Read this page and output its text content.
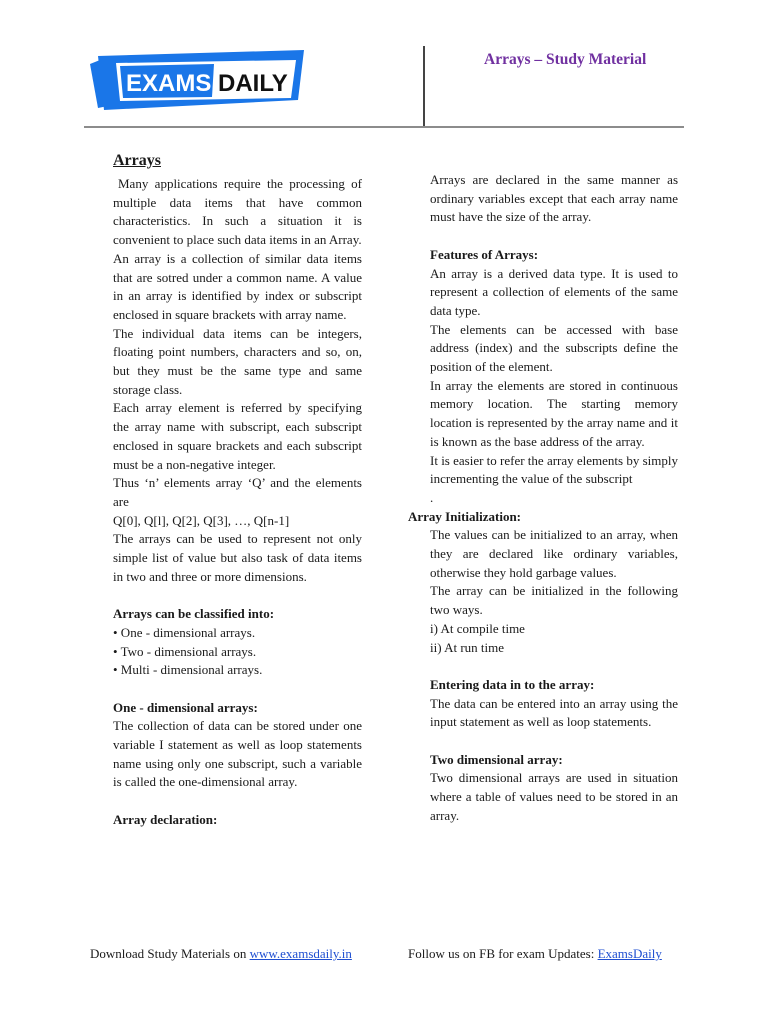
EXAMS DAILY
Arrays – Study Material
Arrays

Many applications require the processing of multiple data items that have common characteristics. In such a situation it is convenient to place such data items in an Array.

An array is a collection of similar data items that are sotred under a common name. A value in an array is identified by index or subscript enclosed in square brackets with array name.

The individual data items can be integers, floating point numbers, characters and so, on, but they must be the same type and same storage class.

Each array element is referred by specifying the array name with subscript, each subscript enclosed in square brackets and each subscript must be a non-negative integer.

Thus ‘n’ elements array ‘Q’ and the elements are

Q[0], Q[l], Q[2], Q[3], …, Q[n-1]

The arrays can be used to represent not only simple list of value but also task of data items in two and three or more dimensions.

Arrays can be classified into:

• One - dimensional arrays.

• Two - dimensional arrays.

• Multi - dimensional arrays.

One - dimensional arrays:

The collection of data can be stored under one variable I statement as well as loop statements name using only one subscript, such a variable is called the one-dimensional array.

Array declaration:

Arrays are declared in the same manner as ordinary variables except that each array name must have the size of the array.

Features of Arrays:

An array is a derived data type. It is used to represent a collection of elements of the same data type.

The elements can be accessed with base address (index) and the subscripts define the position of the element.

In array the elements are stored in continuous memory location. The starting memory location is represented by the array name and it is known as the base address of the array.

It is easier to refer the array elements by simply incrementing the value of the subscript

.

Array Initialization:

The values can be initialized to an array, when they are declared like ordinary variables, otherwise they hold garbage values.

The array can be initialized in the following two ways.

i) At compile time

ii) At run time

Entering data in to the array:

The data can be entered into an array using the input statement as well as loop statements.

Two dimensional array:

Two dimensional arrays are used in situation where a table of values need to be stored in an array.

Download Study Materials on www.examsdaily.in	Follow us on FB for exam Updates: ExamsDaily
